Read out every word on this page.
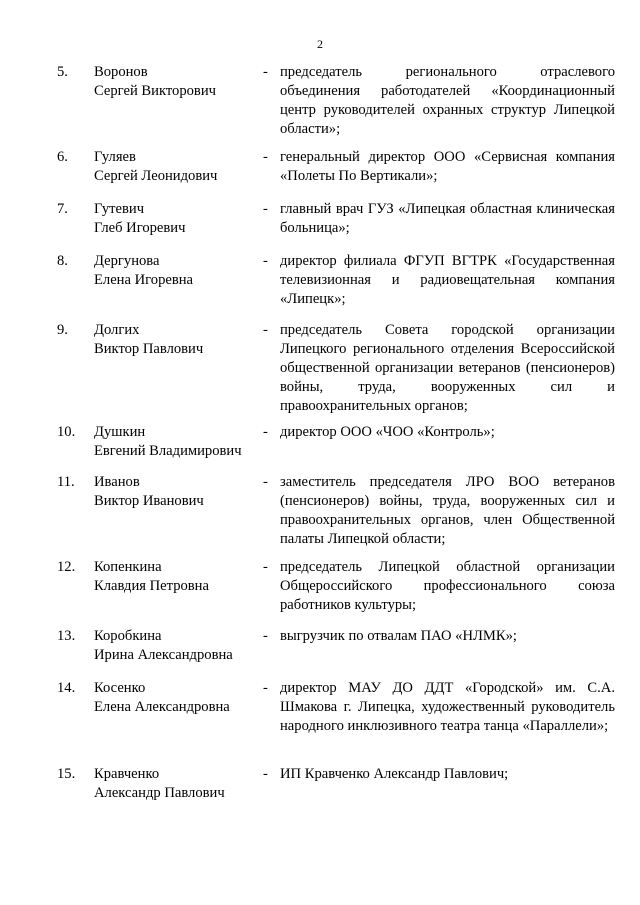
2
5.	Воронов
Сергей Викторович
- председатель регионального отраслевого объединения работодателей «Координационный центр руководителей охранных структур Липецкой области»;
6.	Гуляев
Сергей Леонидович
- генеральный директор ООО «Сервисная компания «Полеты По Вертикали»;
7.	Гутевич
Глеб Игоревич
- главный врач ГУЗ «Липецкая областная клиническая больница»;
8.	Дергунова
Елена Игоревна
- директор филиала ФГУП ВГТРК «Государственная телевизионная и радиовещательная компания «Липецк»;
9.	Долгих
Виктор Павлович
- председатель Совета городской организации Липецкого регионального отделения Всероссийской общественной организации ветеранов (пенсионеров) войны, труда, вооруженных сил и правоохранительных органов;
10.	Душкин
Евгений Владимирович
- директор ООО «ЧОО «Контроль»;
11.	Иванов
Виктор Иванович
- заместитель председателя ЛРО ВОО ветеранов (пенсионеров) войны, труда, вооруженных сил и правоохранительных органов, член Общественной палаты Липецкой области;
12.	Копенкина
Клавдия Петровна
- председатель Липецкой областной организации Общероссийского профессионального союза работников культуры;
13.	Коробкина
Ирина Александровна
- выгрузчик по отвалам ПАО «НЛМК»;
14.	Косенко
Елена Александровна
- директор МАУ ДО ДДТ «Городской» им. С.А. Шмакова г. Липецка, художественный руководитель народного инклюзивного театра танца «Параллели»;
15.	Кравченко
Александр Павлович
- ИП Кравченко Александр Павлович;
